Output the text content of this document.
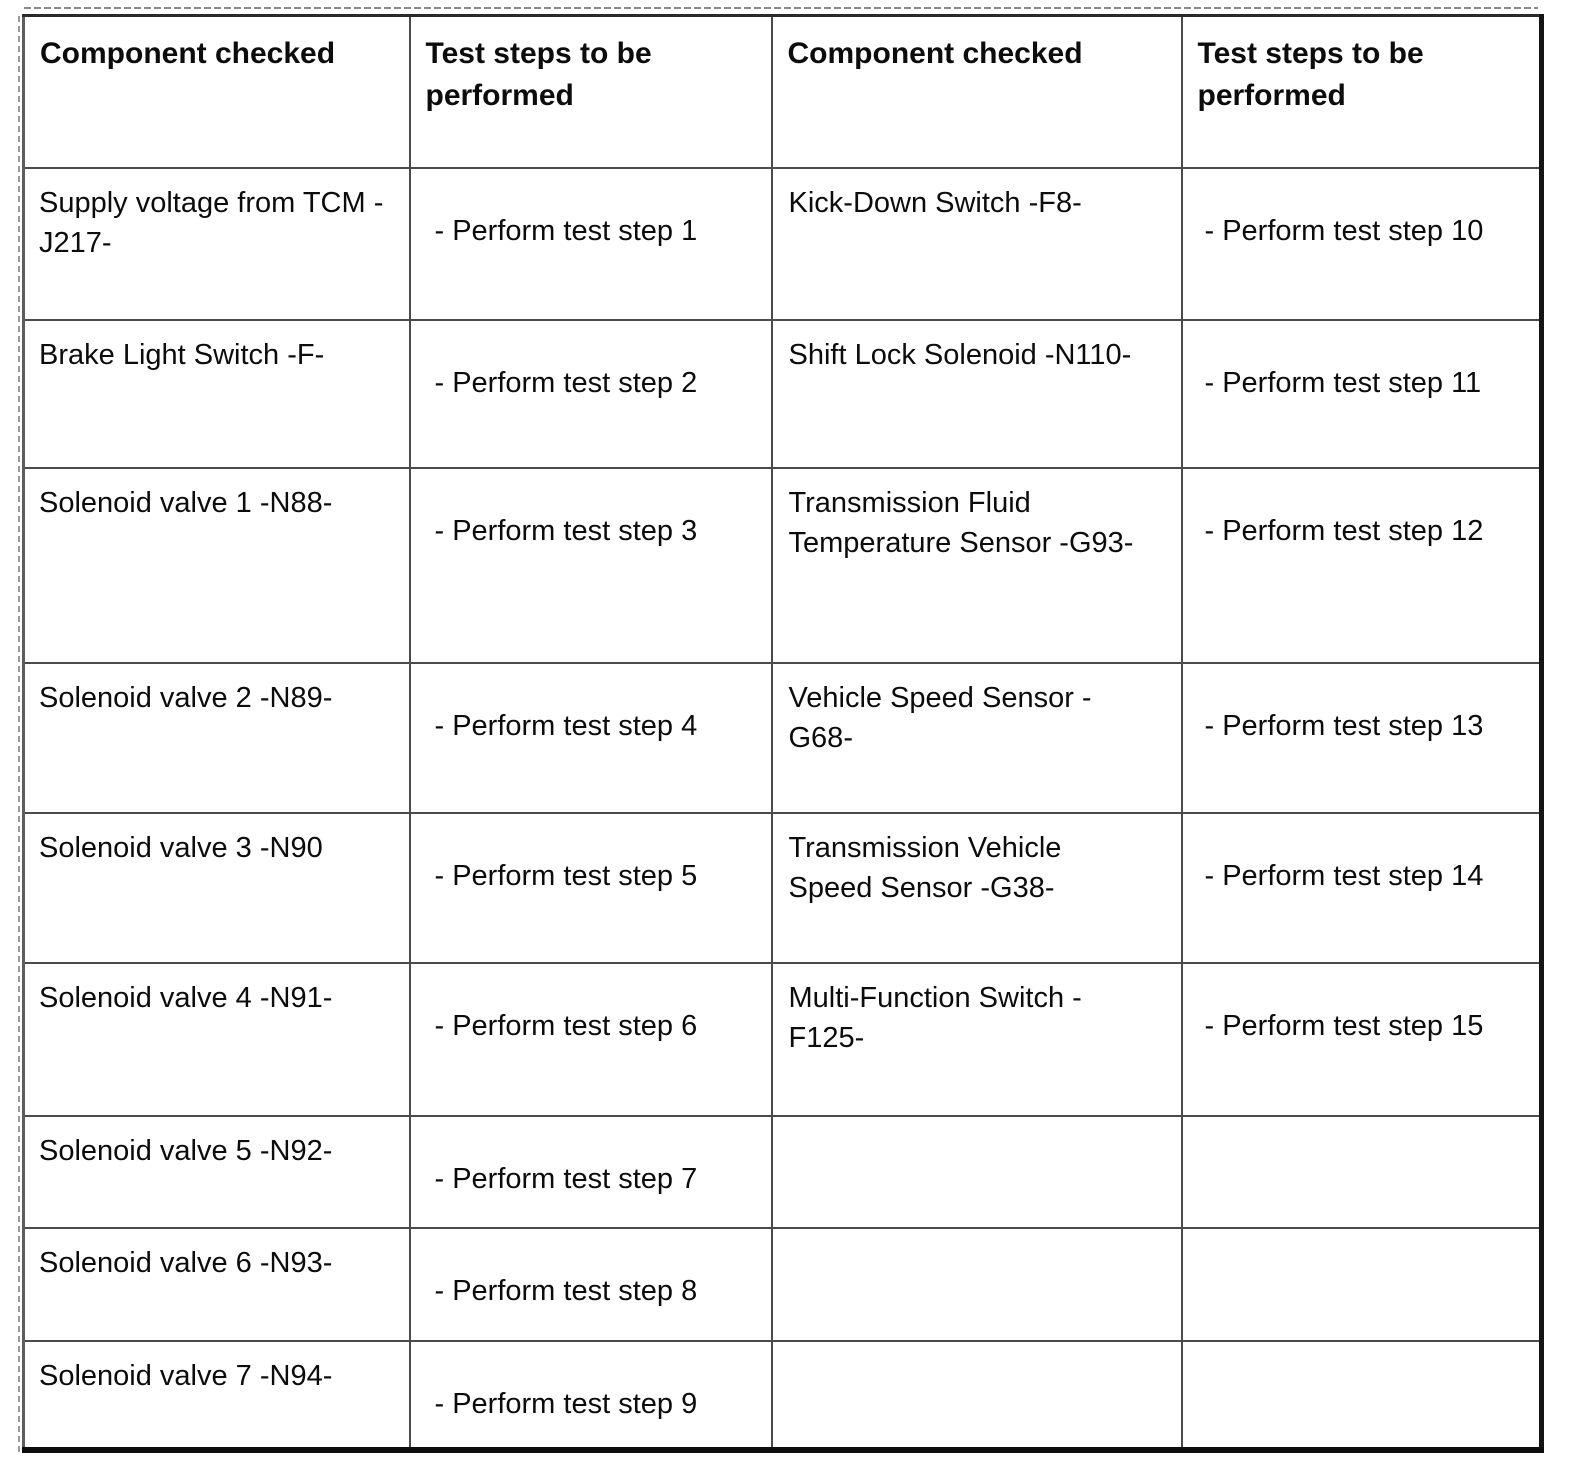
Component checked	Test steps to be performed	Component checked	Test steps to be performed
Supply voltage from TCM -J217-	- Perform test step 1	Kick-Down Switch -F8-	- Perform test step 10
Brake Light Switch -F-	- Perform test step 2	Shift Lock Solenoid -N110-	- Perform test step 11
Solenoid valve 1 -N88-	- Perform test step 3	Transmission Fluid Temperature Sensor -G93-	- Perform test step 12
Solenoid valve 2 -N89-	- Perform test step 4	Vehicle Speed Sensor -G68-	- Perform test step 13
Solenoid valve 3 -N90	- Perform test step 5	Transmission Vehicle Speed Sensor -G38-	- Perform test step 14
Solenoid valve 4 -N91-	- Perform test step 6	Multi-Function Switch -F125-	- Perform test step 15
Solenoid valve 5 -N92-	- Perform test step 7		
Solenoid valve 6 -N93-	- Perform test step 8		
Solenoid valve 7 -N94-	- Perform test step 9		
